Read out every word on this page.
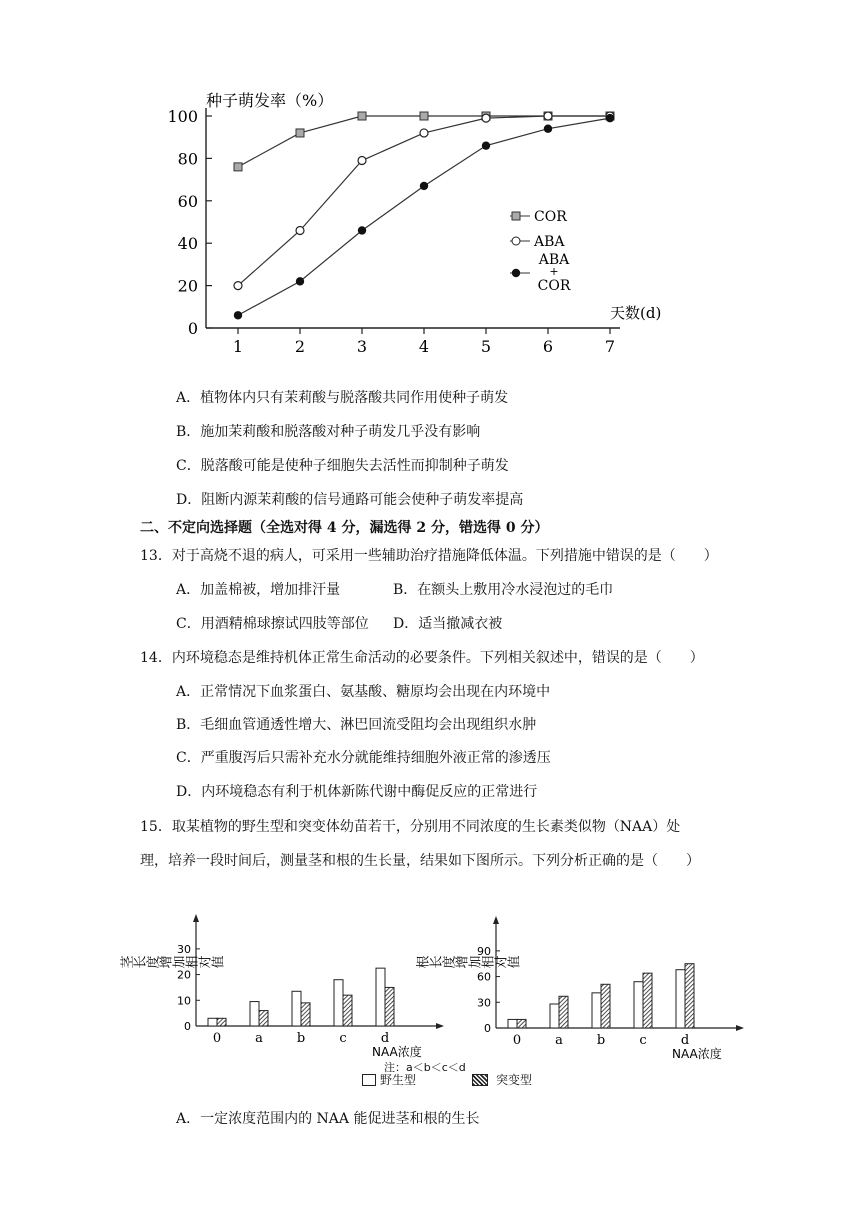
种子萌发率（%）
天数(d)
0
20
40
60
80
100
1	2	3	4	5	6	7
COR
ABA
ABA
+
COR
A．植物体内只有茉莉酸与脱落酸共同作用使种子萌发
B．施加茉莉酸和脱落酸对种子萌发几乎没有影响
C．脱落酸可能是使种子细胞失去活性而抑制种子萌发
D．阻断内源茉莉酸的信号通路可能会使种子萌发率提高
二、不定向选择题（全选对得 4 分，漏选得 2 分，错选得 0 分）
13．对于高烧不退的病人，可采用一些辅助治疗措施降低体温。下列措施中错误的是（　　）
A．加盖棉被，增加排汗量	B．在额头上敷用冷水浸泡过的毛巾
C．用酒精棉球擦试四肢等部位 D．适当撤减衣被
14．内环境稳态是维持机体正常生命活动的必要条件。下列相关叙述中，错误的是（　　）
A．正常情况下血浆蛋白、氨基酸、糖原均会出现在内环境中
B．毛细血管通透性增大、淋巴回流受阻均会出现组织水肿
C．严重腹泻后只需补充水分就能维持细胞外液正常的渗透压
D．内环境稳态有利于机体新陈代谢中酶促反应的正常进行
15．取某植物的野生型和突变体幼苗若干，分别用不同浓度的生长素类似物（NAA）处
理，培养一段时间后，测量茎和根的生长量，结果如下图所示。下列分析正确的是（　　）
茎长度增加相对值
0
10
20
30
0	a	b	c	d
NAA浓度
根长度增加相对值
0
30
60
90
0	a	b	c	d
NAA浓度
注：a＜b＜c＜d
野生型	突变型
A．一定浓度范围内的 NAA 能促进茎和根的生长
